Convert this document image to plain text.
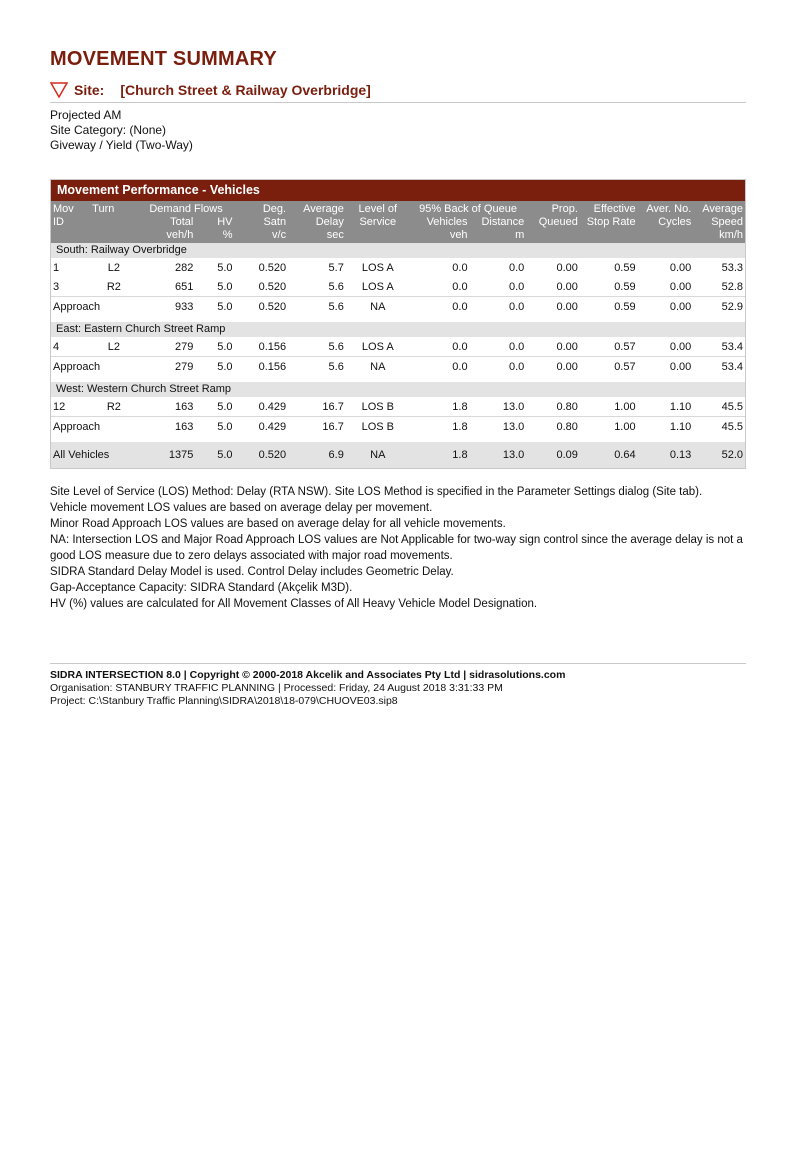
MOVEMENT SUMMARY
Site: [Church Street & Railway Overbridge]
Projected AM
Site Category: (None)
Giveway / Yield (Two-Way)
Movement Performance - Vehicles
Mov	Turn	Demand Flows		Deg.	Average	Level of	95% Back of Queue		Prop.	Effective	Aver. No.	Average
ID		Total	HV	Satn	Delay	Service	Vehicles	Distance	Queued	Stop Rate	Cycles	Speed
		veh/h	%	v/c	sec		veh	m				km/h
South: Railway Overbridge												
1	L2	282	5.0	0.520	5.7	LOS A	0.0	0.0	0.00	0.59	0.00	53.3
3	R2	651	5.0	0.520	5.6	LOS A	0.0	0.0	0.00	0.59	0.00	52.8
Approach		933	5.0	0.520	5.6	NA	0.0	0.0	0.00	0.59	0.00	52.9

East: Eastern Church Street Ramp												
4	L2	279	5.0	0.156	5.6	LOS A	0.0	0.0	0.00	0.57	0.00	53.4
Approach		279	5.0	0.156	5.6	NA	0.0	0.0	0.00	0.57	0.00	53.4

West: Western Church Street Ramp												
12	R2	163	5.0	0.429	16.7	LOS B	1.8	13.0	0.80	1.00	1.10	45.5
Approach		163	5.0	0.429	16.7	LOS B	1.8	13.0	0.80	1.00	1.10	45.5

All Vehicles		1375	5.0	0.520	6.9	NA	1.8	13.0	0.09	0.64	0.13	52.0

Site Level of Service (LOS) Method: Delay (RTA NSW). Site LOS Method is specified in the Parameter Settings dialog (Site tab).

Vehicle movement LOS values are based on average delay per movement.

Minor Road Approach LOS values are based on average delay for all vehicle movements.

NA: Intersection LOS and Major Road Approach LOS values are Not Applicable for two-way sign control since the average delay is not a good LOS measure due to zero delays associated with major road movements.

SIDRA Standard Delay Model is used. Control Delay includes Geometric Delay.

Gap-Acceptance Capacity: SIDRA Standard (Akçelik M3D).

HV (%) values are calculated for All Movement Classes of All Heavy Vehicle Model Designation.

SIDRA INTERSECTION 8.0 | Copyright © 2000-2018 Akcelik and Associates Pty Ltd | sidrasolutions.com
Organisation: STANBURY TRAFFIC PLANNING | Processed: Friday, 24 August 2018 3:31:33 PM
Project: C:\Stanbury Traffic Planning\SIDRA\2018\18-079\CHUOVE03.sip8
